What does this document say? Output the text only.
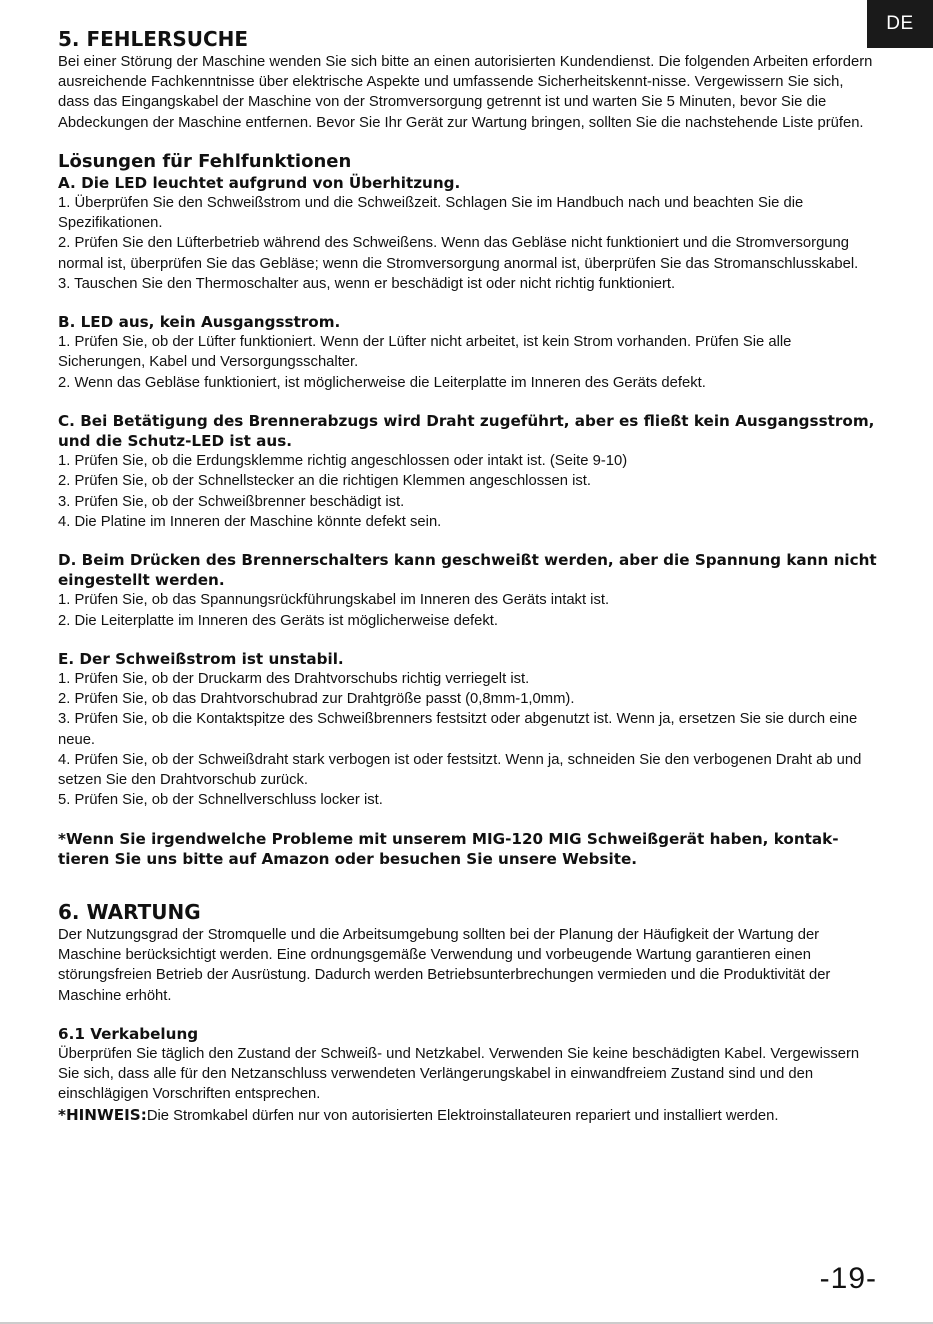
DE
5. FEHLERSUCHE

Bei einer Störung der Maschine wenden Sie sich bitte an einen autorisierten Kundendienst. Die folgenden Arbeiten erfordern ausreichende Fachkenntnisse über elektrische Aspekte und umfassende Sicherheitskennt-nisse. Vergewissern Sie sich, dass das Eingangskabel der Maschine von der Stromversorgung getrennt ist und warten Sie 5 Minuten, bevor Sie die Abdeckungen der Maschine entfernen. Bevor Sie Ihr Gerät zur Wartung bringen, sollten Sie die nachstehende Liste prüfen.

Lösungen für Fehlfunktionen
A. Die LED leuchtet aufgrund von Überhitzung.

1. Überprüfen Sie den Schweißstrom und die Schweißzeit. Schlagen Sie im Handbuch nach und beachten Sie die Spezifikationen.

2. Prüfen Sie den Lüfterbetrieb während des Schweißens. Wenn das Gebläse nicht funktioniert und die Stromversorgung normal ist, überprüfen Sie das Gebläse; wenn die Stromversorgung anormal ist, überprüfen Sie das Stromanschlusskabel.

3. Tauschen Sie den Thermoschalter aus, wenn er beschädigt ist oder nicht richtig funktioniert.

B. LED aus, kein Ausgangsstrom.

1. Prüfen Sie, ob der Lüfter funktioniert. Wenn der Lüfter nicht arbeitet, ist kein Strom vorhanden. Prüfen Sie alle Sicherungen, Kabel und Versorgungsschalter.

2. Wenn das Gebläse funktioniert, ist möglicherweise die Leiterplatte im Inneren des Geräts defekt.

C. Bei Betätigung des Brennerabzugs wird Draht zugeführt, aber es fließt kein Ausgangsstrom, und die Schutz-LED ist aus.

1. Prüfen Sie, ob die Erdungsklemme richtig angeschlossen oder intakt ist. (Seite 9-10)

2. Prüfen Sie, ob der Schnellstecker an die richtigen Klemmen angeschlossen ist.

3. Prüfen Sie, ob der Schweißbrenner beschädigt ist.

4. Die Platine im Inneren der Maschine könnte defekt sein.

D. Beim Drücken des Brennerschalters kann geschweißt werden, aber die Spannung kann nicht eingestellt werden.

1. Prüfen Sie, ob das Spannungsrückführungskabel im Inneren des Geräts intakt ist.

2. Die Leiterplatte im Inneren des Geräts ist möglicherweise defekt.

E. Der Schweißstrom ist unstabil.

1. Prüfen Sie, ob der Druckarm des Drahtvorschubs richtig verriegelt ist.

2. Prüfen Sie, ob das Drahtvorschubrad zur Drahtgröße passt (0,8mm-1,0mm).

3. Prüfen Sie, ob die Kontaktspitze des Schweißbrenners festsitzt oder abgenutzt ist. Wenn ja, ersetzen Sie sie durch eine neue.

4. Prüfen Sie, ob der Schweißdraht stark verbogen ist oder festsitzt. Wenn ja, schneiden Sie den verbogenen Draht ab und setzen Sie den Drahtvorschub zurück.

5. Prüfen Sie, ob der Schnellverschluss locker ist.

*Wenn Sie irgendwelche Probleme mit unserem MIG-120 MIG Schweißgerät haben, kontak-tieren Sie uns bitte auf Amazon oder besuchen Sie unsere Website.

6. WARTUNG

Der Nutzungsgrad der Stromquelle und die Arbeitsumgebung sollten bei der Planung der Häufigkeit der Wartung der Maschine berücksichtigt werden. Eine ordnungsgemäße Verwendung und vorbeugende Wartung garantieren einen störungsfreien Betrieb der Ausrüstung. Dadurch werden Betriebsunterbrechungen vermieden und die Produktivität der Maschine erhöht.

6.1 Verkabelung

Überprüfen Sie täglich den Zustand der Schweiß- und Netzkabel. Verwenden Sie keine beschädigten Kabel. Vergewissern Sie sich, dass alle für den Netzanschluss verwendeten Verlängerungskabel in einwandfreiem Zustand sind und den einschlägigen Vorschriften entsprechen.

*HINWEIS:Die Stromkabel dürfen nur von autorisierten Elektroinstallateuren repariert und installiert werden.

-19-
